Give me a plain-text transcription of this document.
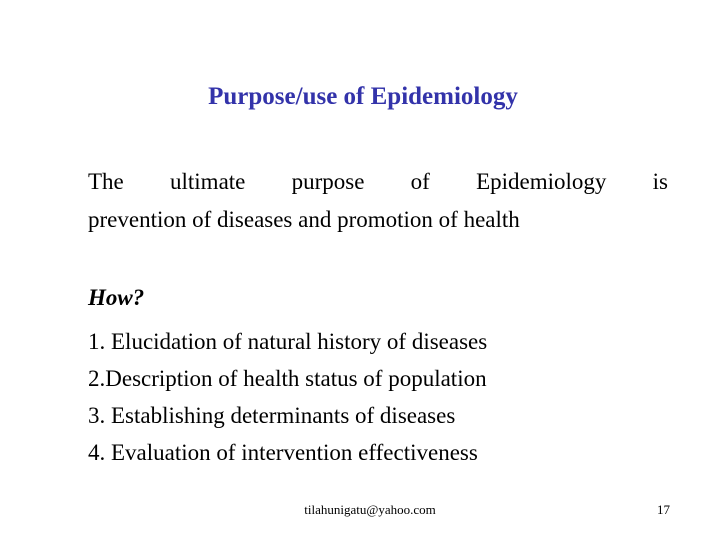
Purpose/use of Epidemiology
The ultimate purpose of Epidemiology is
prevention of diseases and promotion of health
How?
1. Elucidation of natural history of diseases
2.Description of health status of population
3. Establishing determinants of diseases
4. Evaluation of intervention effectiveness
tilahunigatu@yahoo.com	17
